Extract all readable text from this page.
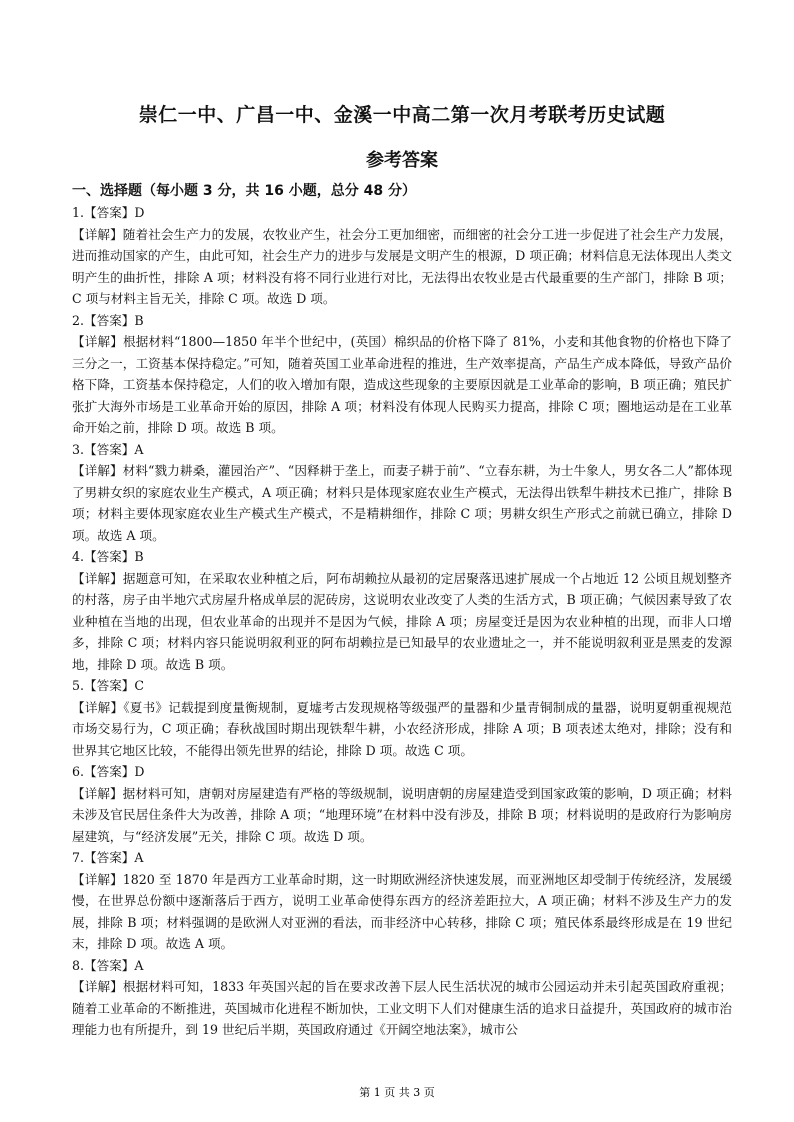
崇仁一中、广昌一中、金溪一中高二第一次月考联考历史试题
参考答案
一、选择题（每小题 3 分，共 16 小题，总分 48 分）

1.【答案】D

【详解】随着社会生产力的发展，农牧业产生，社会分工更加细密，而细密的社会分工进一步促进了社会生产力发展，进而推动国家的产生，由此可知，社会生产力的进步与发展是文明产生的根源，D 项正确；材料信息无法体现出人类文明产生的曲折性，排除 A 项；材料没有将不同行业进行对比，无法得出农牧业是古代最重要的生产部门，排除 B 项；C 项与材料主旨无关，排除 C 项。故选 D 项。

2.【答案】B

【详解】根据材料“1800—1850 年半个世纪中，(英国）棉织品的价格下降了 81%，小麦和其他食物的价格也下降了三分之一，工资基本保持稳定。”可知，随着英国工业革命进程的推进，生产效率提高，产品生产成本降低，导致产品价格下降，工资基本保持稳定，人们的收入增加有限，造成这些现象的主要原因就是工业革命的影响，B 项正确；殖民扩张扩大海外市场是工业革命开始的原因，排除 A 项；材料没有体现人民购买力提高，排除 C 项；圈地运动是在工业革命开始之前，排除 D 项。故选 B 项。

3.【答案】A

【详解】材料“戮力耕桑，灌园治产”、“因释耕于垄上，而妻子耕于前”、“立春东耕，为士牛象人，男女各二人”都体现了男耕女织的家庭农业生产模式，A 项正确；材料只是体现家庭农业生产模式，无法得出铁犁牛耕技术已推广，排除 B 项；材料主要体现家庭农业生产模式生产模式，不是精耕细作，排除 C 项；男耕女织生产形式之前就已确立，排除 D 项。故选 A 项。

4.【答案】B

【详解】据题意可知，在采取农业种植之后，阿布胡赖拉从最初的定居聚落迅速扩展成一个占地近 12 公顷且规划整齐的村落，房子由半地穴式房屋升格成单层的泥砖房，这说明农业改变了人类的生活方式，B 项正确；气候因素导致了农业种植在当地的出现，但农业革命的出现并不是因为气候，排除 A 项；房屋变迁是因为农业种植的出现，而非人口增多，排除 C 项；材料内容只能说明叙利亚的阿布胡赖拉是已知最早的农业遗址之一，并不能说明叙利亚是黑麦的发源地，排除 D 项。故选 B 项。

5.【答案】C

【详解】《夏书》记载提到度量衡规制，夏墟考古发现规格等级强严的量器和少量青铜制成的量器，说明夏朝重视规范市场交易行为，C 项正确；春秋战国时期出现铁犁牛耕，小农经济形成，排除 A 项；B 项表述太绝对，排除；没有和世界其它地区比较，不能得出领先世界的结论，排除 D 项。故选 C 项。

6.【答案】D

【详解】据材料可知，唐朝对房屋建造有严格的等级规制，说明唐朝的房屋建造受到国家政策的影响，D 项正确；材料未涉及官民居住条件大为改善，排除 A 项；“地理环境”在材料中没有涉及，排除 B 项；材料说明的是政府行为影响房屋建筑，与“经济发展”无关，排除 C 项。故选 D 项。

7.【答案】A

【详解】1820 至 1870 年是西方工业革命时期，这一时期欧洲经济快速发展，而亚洲地区却受制于传统经济，发展缓慢，在世界总份额中逐渐落后于西方，说明工业革命使得东西方的经济差距拉大，A 项正确；材料不涉及生产力的发展，排除 B 项；材料强调的是欧洲人对亚洲的看法，而非经济中心转移，排除 C 项；殖民体系最终形成是在 19 世纪末，排除 D 项。故选 A 项。

8.【答案】A

【详解】根据材料可知，1833 年英国兴起的旨在要求改善下层人民生活状况的城市公园运动并未引起英国政府重视；随着工业革命的不断推进，英国城市化进程不断加快，工业文明下人们对健康生活的追求日益提升，英国政府的城市治理能力也有所提升，到 19 世纪后半期，英国政府通过《开阔空地法案》，城市公

第 1 页 共 3 页
